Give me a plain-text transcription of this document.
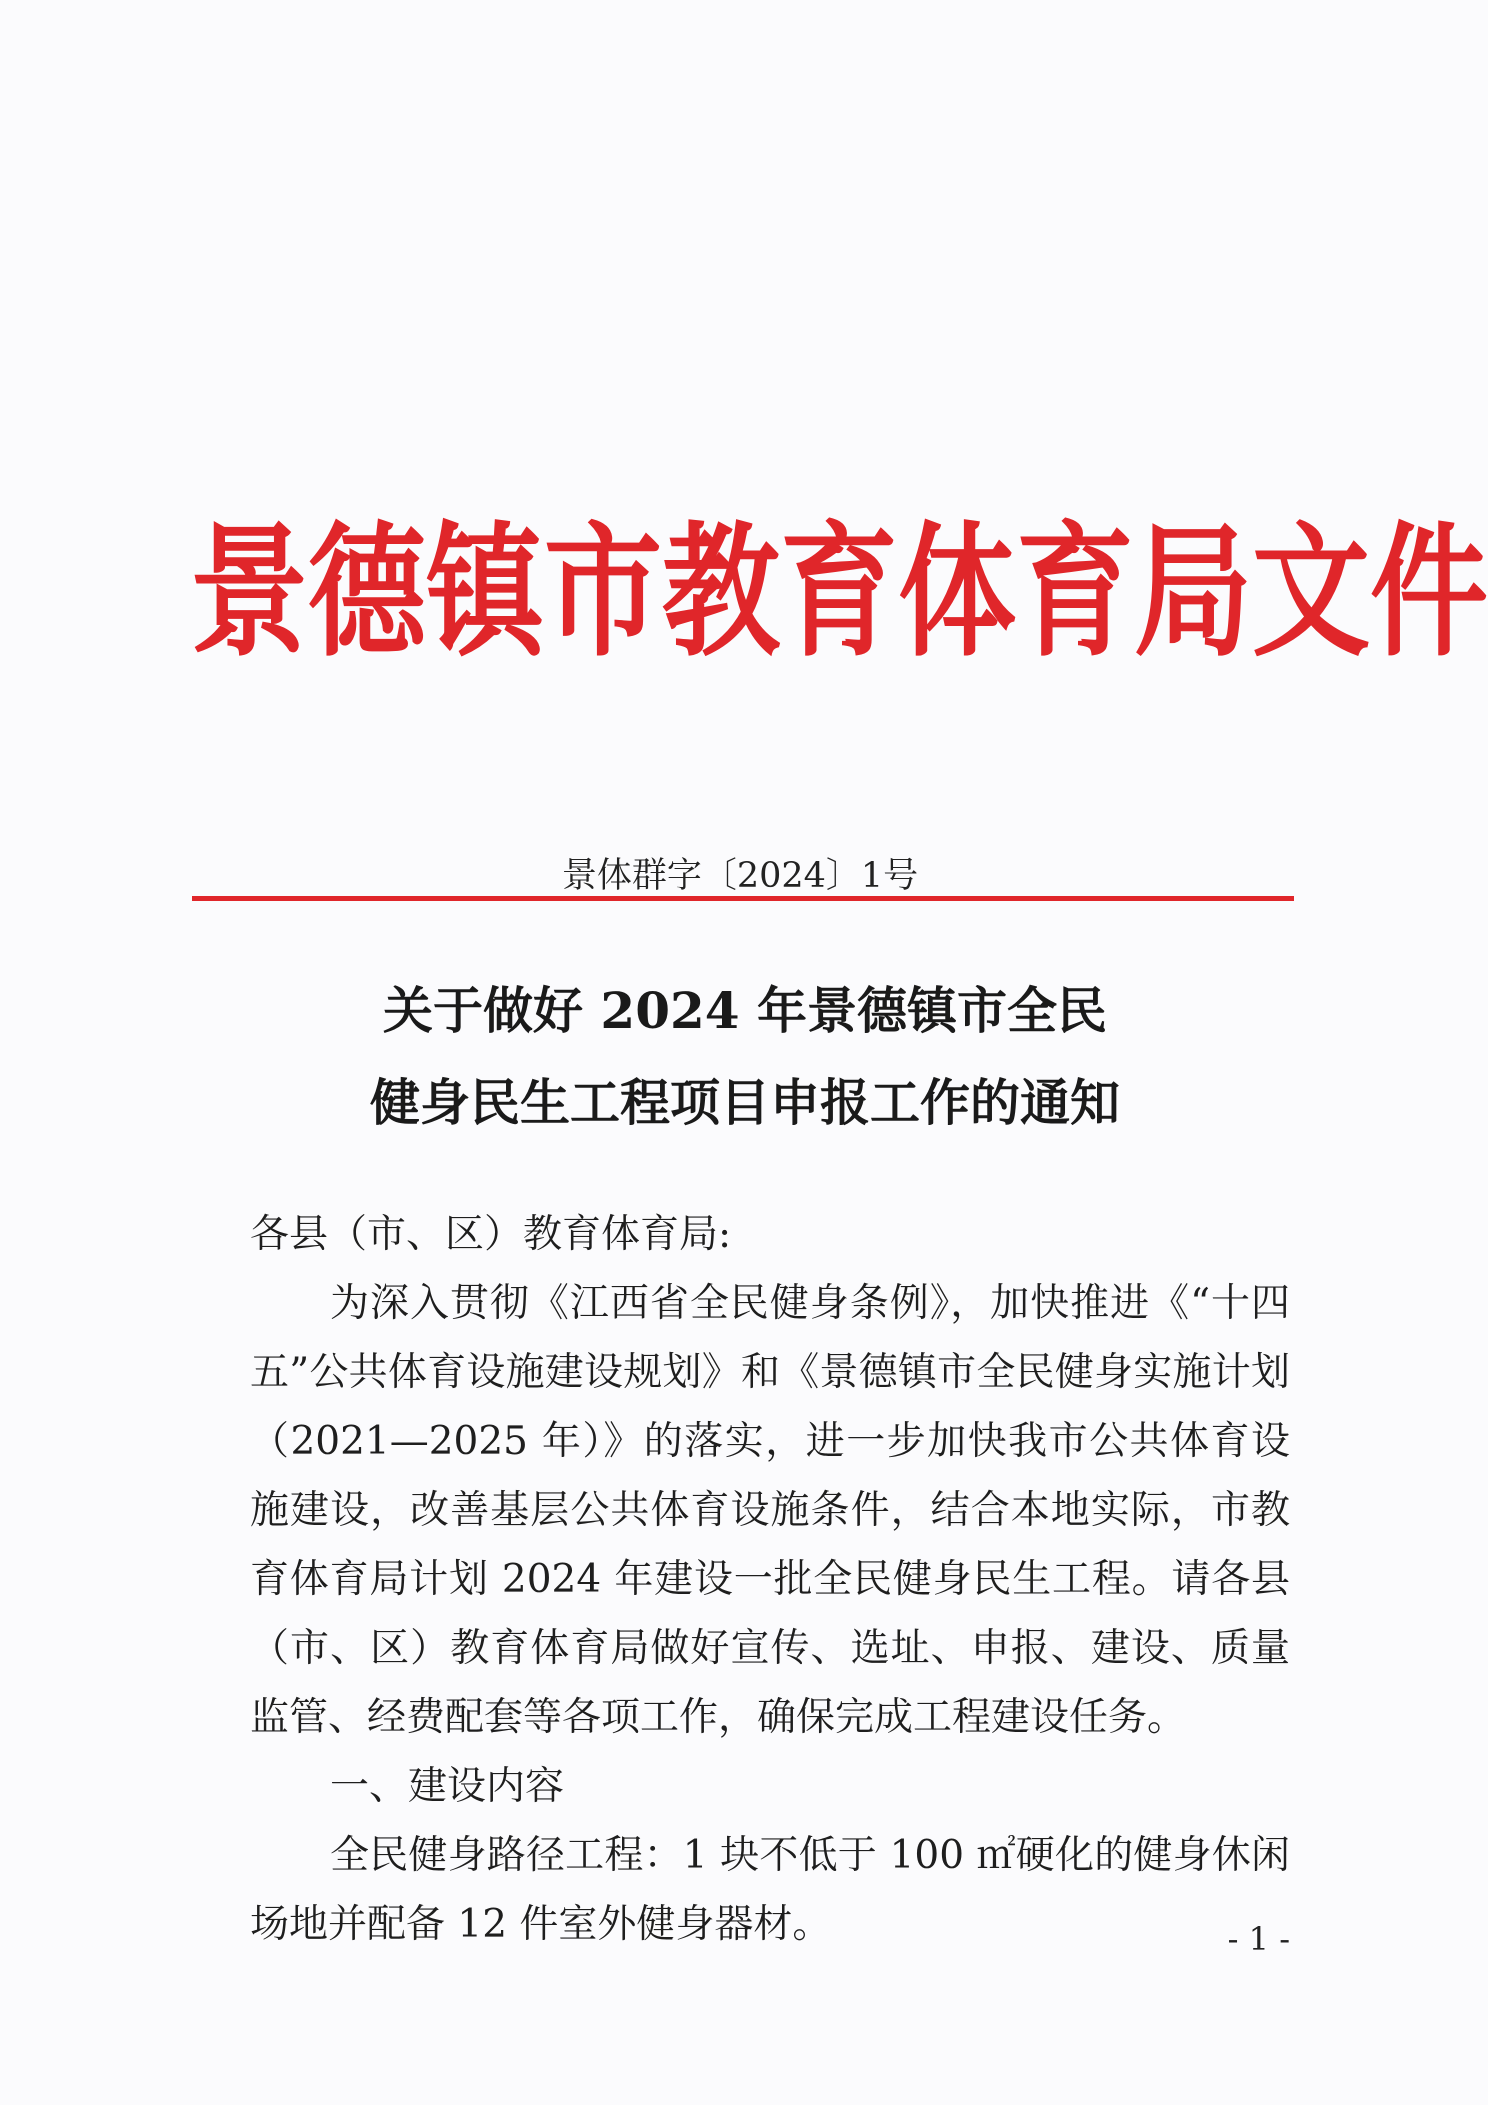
景德镇市教育体育局文件
景体群字〔2024〕1号
关于做好 2024 年景德镇市全民
健身民生工程项目申报工作的通知

各县（市、区）教育体育局:

为深入贯彻《江西省全民健身条例》，加快推进《“十四五”公共体育设施建设规划》和《景德镇市全民健身实施计划（2021—2025 年）》的落实，进一步加快我市公共体育设施建设，改善基层公共体育设施条件，结合本地实际，市教育体育局计划 2024 年建设一批全民健身民生工程。请各县（市、区）教育体育局做好宣传、选址、申报、建设、质量监管、经费配套等各项工作，确保完成工程建设任务。

一、建设内容

全民健身路径工程：1 块不低于 100 ㎡硬化的健身休闲场地并配备 12 件室外健身器材。	- 1 -
